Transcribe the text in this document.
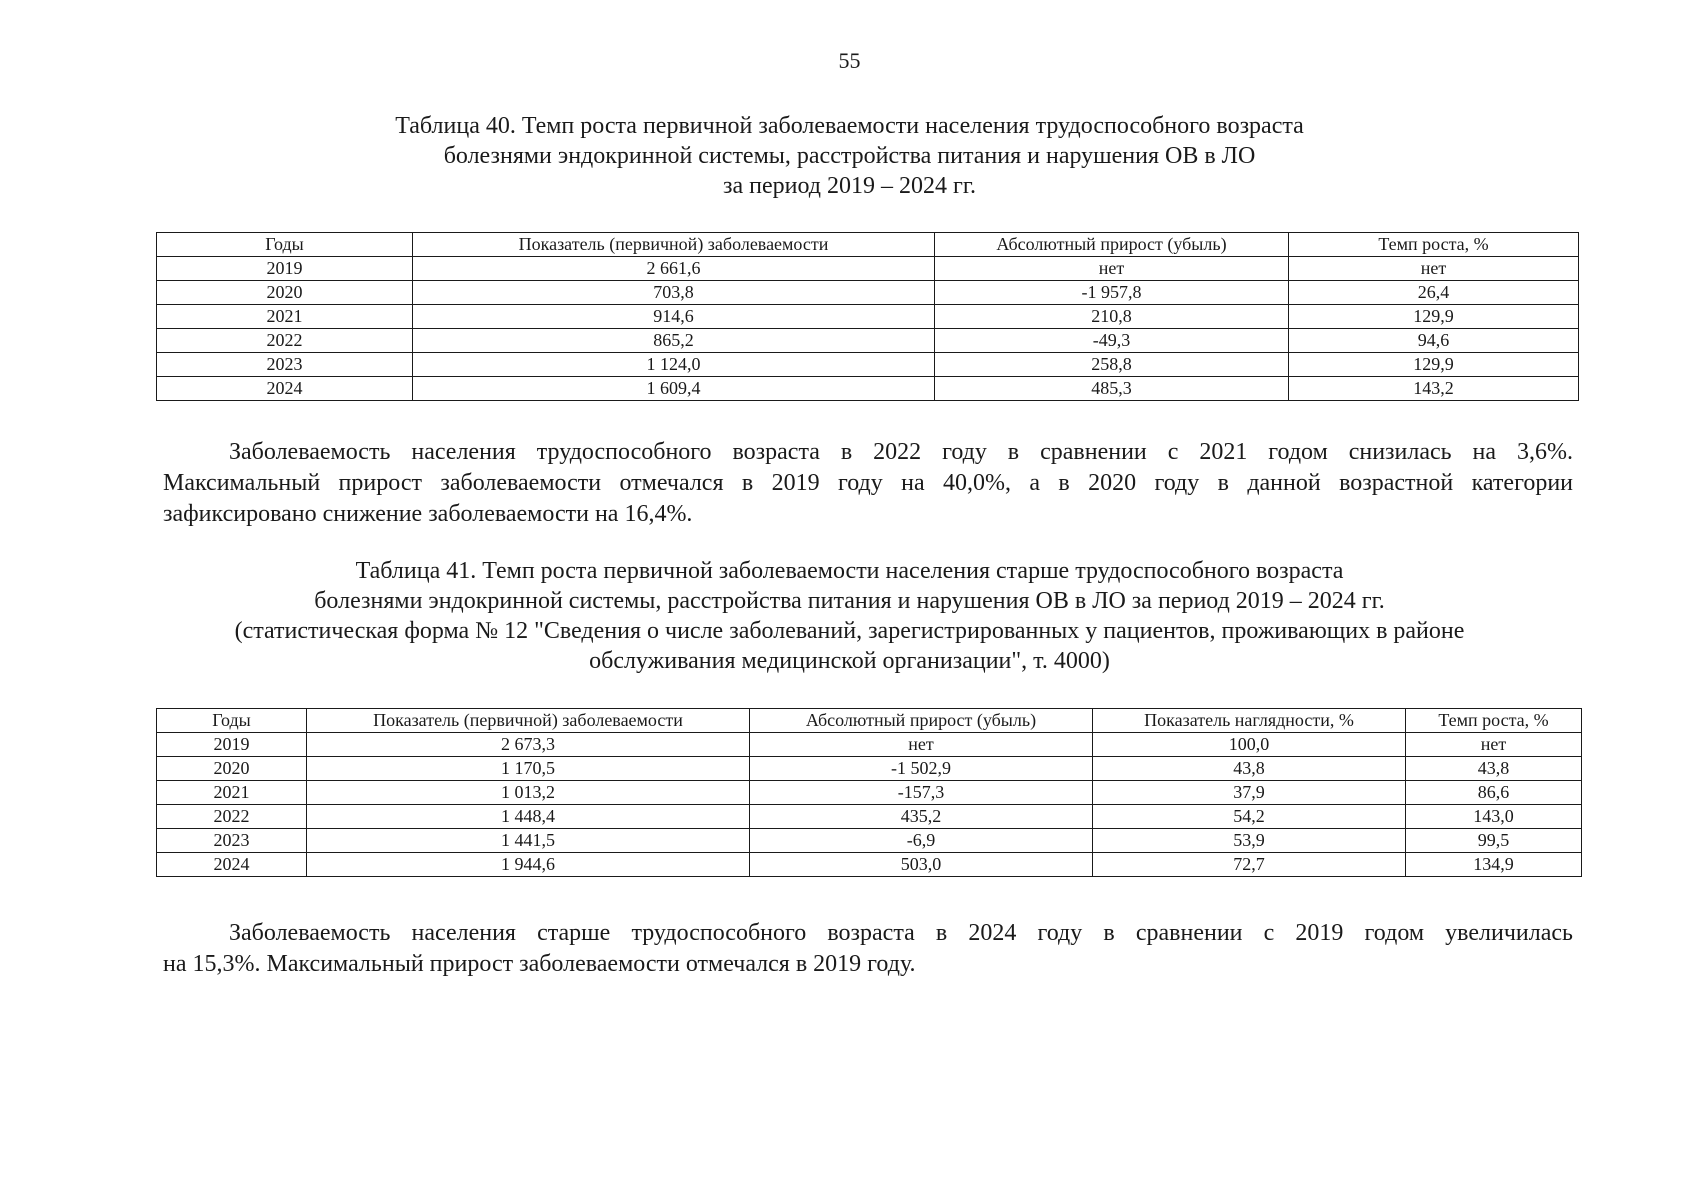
55
Таблица 40. Темп роста первичной заболеваемости населения трудоспособного возраста
болезнями эндокринной системы, расстройства питания и нарушения ОВ в ЛО
за период 2019 – 2024 гг.
Годы	Показатель (первичной) заболеваемости	Абсолютный прирост (убыль)	Темп роста, %
2019	2 661,6	нет	нет
2020	703,8	-1 957,8	26,4
2021	914,6	210,8	129,9
2022	865,2	-49,3	94,6
2023	1 124,0	258,8	129,9
2024	1 609,4	485,3	143,2
Заболеваемость населения трудоспособного возраста в 2022 году в сравнении с 2021 годом снизилась на 3,6%.
Максимальный прирост заболеваемости отмечался в 2019 году на 40,0%, а в 2020 году в данной возрастной категории
зафиксировано снижение заболеваемости на 16,4%.
Таблица 41. Темп роста первичной заболеваемости населения старше трудоспособного возраста
болезнями эндокринной системы, расстройства питания и нарушения ОВ в ЛО за период 2019 – 2024 гг.
(статистическая форма № 12 "Сведения о числе заболеваний, зарегистрированных у пациентов, проживающих в районе
обслуживания медицинской организации", т. 4000)
Годы	Показатель (первичной) заболеваемости	Абсолютный прирост (убыль)	Показатель наглядности, %	Темп роста, %
2019	2 673,3	нет	100,0	нет
2020	1 170,5	-1 502,9	43,8	43,8
2021	1 013,2	-157,3	37,9	86,6
2022	1 448,4	435,2	54,2	143,0
2023	1 441,5	-6,9	53,9	99,5
2024	1 944,6	503,0	72,7	134,9
Заболеваемость населения старше трудоспособного возраста в 2024 году в сравнении с 2019 годом увеличилась
на 15,3%. Максимальный прирост заболеваемости отмечался в 2019 году.
